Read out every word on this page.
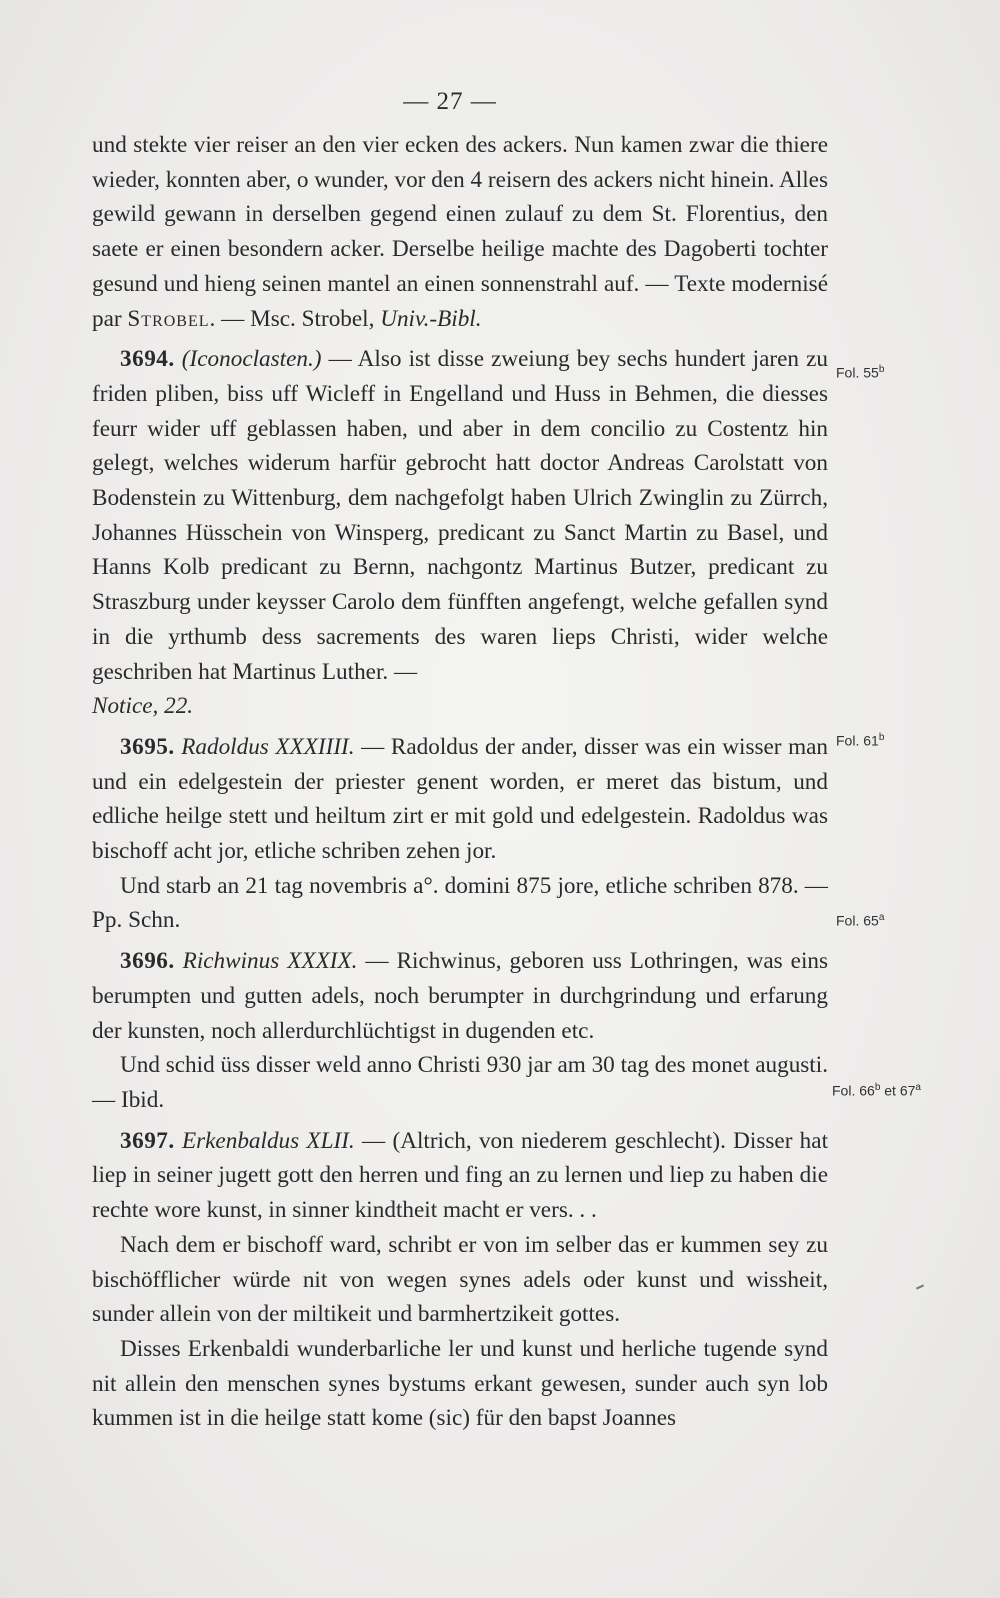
— 27 —

und stekte vier reiser an den vier ecken des ackers. Nun kamen zwar die thiere wieder, konnten aber, o wunder, vor den 4 reisern des ackers nicht hinein. Alles gewild gewann in derselben gegend einen zulauf zu dem St. Florentius, den saete er einen besondern acker. Derselbe heilige machte des Dagoberti tochter gesund und hieng seinen mantel an einen sonnenstrahl auf. — Texte modernisé par Strobel. — Msc. Strobel, Univ.-Bibl.

3694. (Iconoclasten.) — Also ist disse zweiung bey sechs hundert jaren zu friden pliben, biss uff Wicleff in Engelland und Huss in Behmen, die diesses feurr wider uff geblassen haben, und aber in dem concilio zu Costentz hin gelegt, welches widerum harfür gebrocht hatt doctor Andreas Carolstatt von Bodenstein zu Wittenburg, dem nachgefolgt haben Ulrich Zwinglin zu Zürrch, Johannes Hüsschein von Winsperg, predicant zu Sanct Martin zu Basel, und Hanns Kolb predicant zu Bernn, nachgontz Martinus Butzer, predicant zu Straszburg under keysser Carolo dem fünfften angefengt, welche gefallen synd in die yrthumb dess sacrements des waren lieps Christi, wider welche geschriben hat Martinus Luther. —
Notice, 22.

3695. Radoldus XXXIIII. — Radoldus der ander, disser was ein wisser man und ein edelgestein der priester genent worden, er meret das bistum, und edliche heilge stett und heiltum zirt er mit gold und edelgestein. Radoldus was bischoff acht jor, etliche schriben zehen jor.

Und starb an 21 tag novembris a°. domini 875 jore, etliche schriben 878. — Pp. Schn.

3696. Richwinus XXXIX. — Richwinus, geboren uss Lothringen, was eins berumpten und gutten adels, noch berumpter in durchgrindung und erfarung der kunsten, noch allerdurchlüchtigst in dugenden etc.

Und schid üss disser weld anno Christi 930 jar am 30 tag des monet augusti. — Ibid.

3697. Erkenbaldus XLII. — (Altrich, von niederem geschlecht). Disser hat liep in seiner jugett gott den herren und fing an zu lernen und liep zu haben die rechte wore kunst, in sinner kindtheit macht er vers. . .

Nach dem er bischoff ward, schribt er von im selber das er kummen sey zu bischöfflicher würde nit von wegen synes adels oder kunst und wissheit, sunder allein von der miltikeit und barmhertzikeit gottes.

Disses Erkenbaldi wunderbarliche ler und kunst und herliche tugende synd nit allein den menschen synes bystums erkant gewesen, sunder auch syn lob kummen ist in die heilge statt kome (sic) für den bapst Joannes

Fol. 55$^b$
Fol. 61$^b$
Fol. 65$^a$
Fol. 66$^b$ et 67$^a$
